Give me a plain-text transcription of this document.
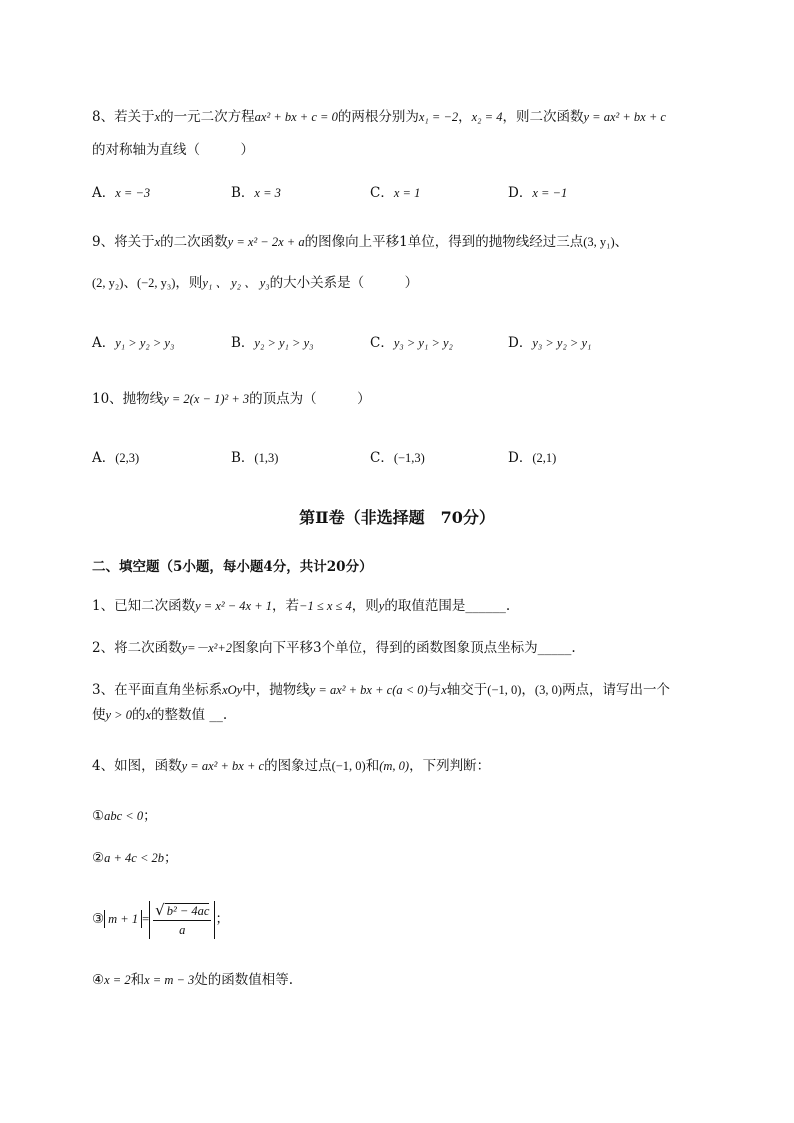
8、若关于x的一元二次方程ax² + bx + c = 0的两根分别为x₁ = −2，x₂ = 4，则二次函数y = ax² + bx + c
的对称轴为直线（　　　）
A．x = −3	B．x = 3	C．x = 1	D．x = −1
9、将关于x的二次函数y = x² − 2x + a的图像向上平移1单位，得到的抛物线经过三点(3, y₁)、
(2, y₂)、(−2, y₃)，则y₁ 、 y₂ 、 y₃的大小关系是（　　　）
A．y₁ > y₂ > y₃	B．y₂ > y₁ > y₃	C．y₃ > y₁ > y₂	D．y₃ > y₂ > y₁
10、抛物线y = 2(x − 1)² + 3的顶点为（　　　）
A．(2,3)	B．(1,3)	C．(−1,3)	D．(2,1)
第Ⅱ卷（非选择题　70分）
二、填空题（5小题，每小题4分，共计20分）
1、已知二次函数y = x² − 4x + 1，若−1 ≤ x ≤ 4，则y的取值范围是______.
2、将二次函数y=－x²+2图象向下平移3个单位，得到的函数图象顶点坐标为_____.
3、在平面直角坐标系xOy中，抛物线y = ax² + bx + c(a < 0)与x轴交于(−1, 0)，(3, 0)两点，请写出一个
使y > 0的x的整数值 __.
4、如图，函数y = ax² + bx + c的图象过点(−1, 0)和(m, 0)，下列判断：
①abc < 0；
②a + 4c < 2b；
③ $m + 1 = \frac{\text{√ b² − 4ac}}{a}$ ；
④x = 2和x = m − 3处的函数值相等.
